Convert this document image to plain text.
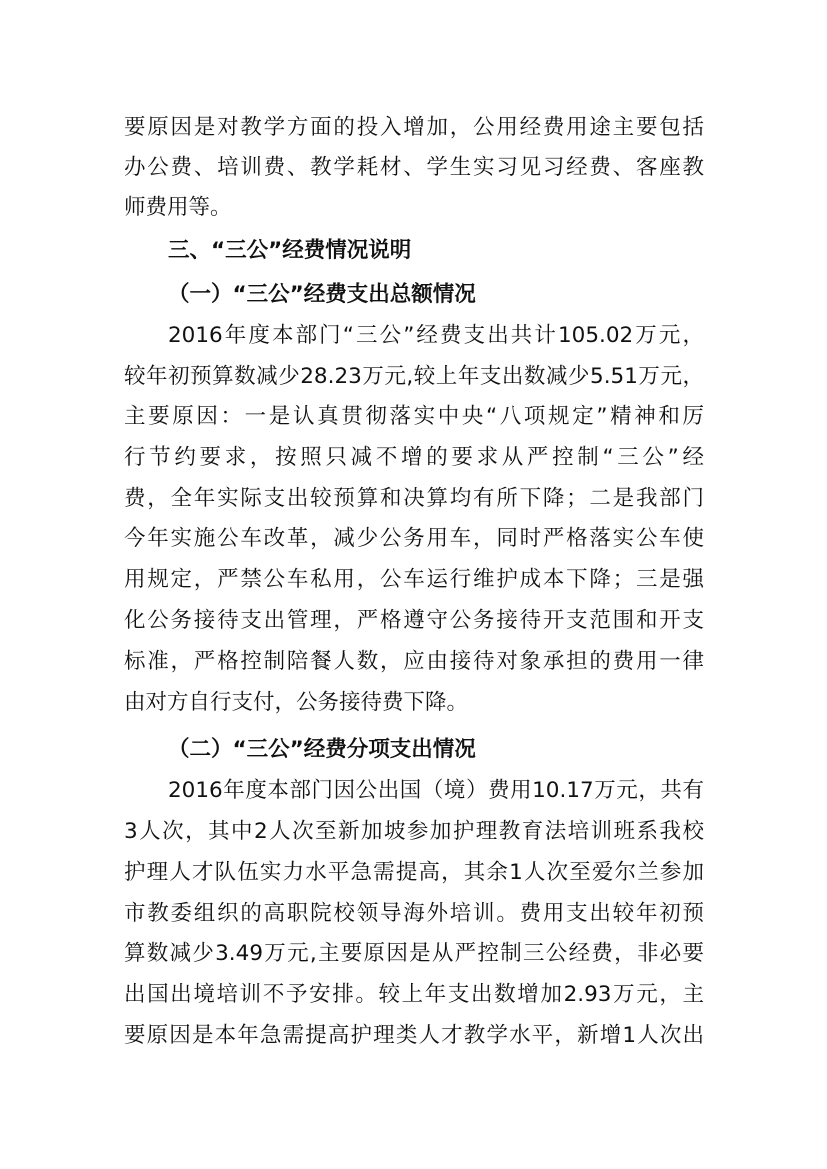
要原因是对教学方面的投入增加，公用经费用途主要包括
办公费、培训费、教学耗材、学生实习见习经费、客座教
师费用等。
三、“三公”经费情况说明
（一）“三公”经费支出总额情况
2016年度本部门“三公”经费支出共计105.02万元，
较年初预算数减少28.23万元,较上年支出数减少5.51万元，
主要原因：一是认真贯彻落实中央“八项规定”精神和厉
行节约要求，按照只减不增的要求从严控制“三公”经
费，全年实际支出较预算和决算均有所下降；二是我部门
今年实施公车改革，减少公务用车，同时严格落实公车使
用规定，严禁公车私用，公车运行维护成本下降；三是强
化公务接待支出管理，严格遵守公务接待开支范围和开支
标准，严格控制陪餐人数，应由接待对象承担的费用一律
由对方自行支付，公务接待费下降。
（二）“三公”经费分项支出情况
2016年度本部门因公出国（境）费用10.17万元，共有
3人次，其中2人次至新加坡参加护理教育法培训班系我校
护理人才队伍实力水平急需提高，其余1人次至爱尔兰参加
市教委组织的高职院校领导海外培训。费用支出较年初预
算数减少3.49万元,主要原因是从严控制三公经费，非必要
出国出境培训不予安排。较上年支出数增加2.93万元，主
要原因是本年急需提高护理类人才教学水平，新增1人次出
